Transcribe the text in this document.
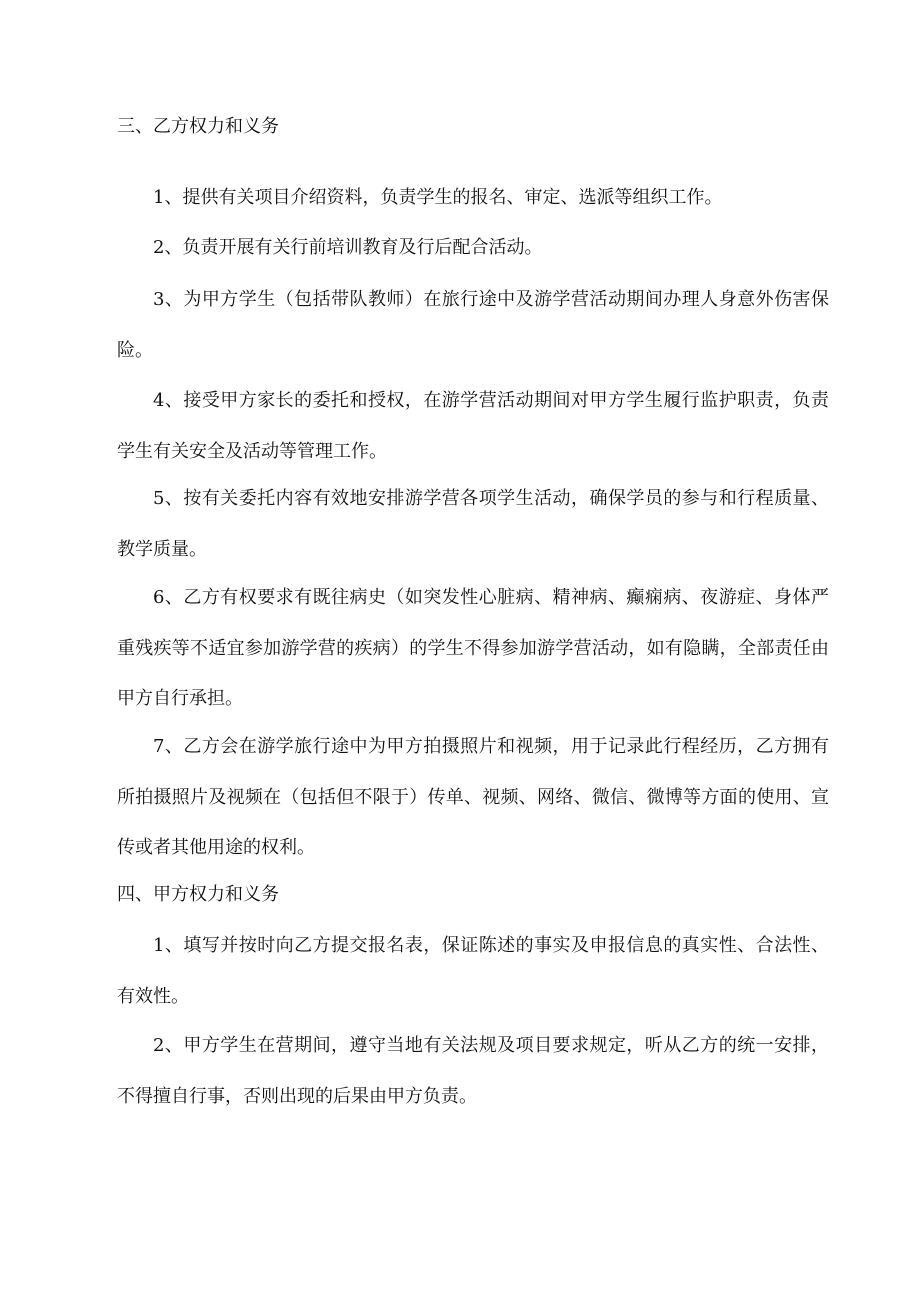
三、乙方权力和义务

1、提供有关项目介绍资料，负责学生的报名、审定、选派等组织工作。

2、负责开展有关行前培训教育及行后配合活动。

3、为甲方学生（包括带队教师）在旅行途中及游学营活动期间办理人身意外伤害保险。

4、接受甲方家长的委托和授权，在游学营活动期间对甲方学生履行监护职责，负责学生有关安全及活动等管理工作。

5、按有关委托内容有效地安排游学营各项学生活动，确保学员的参与和行程质量、教学质量。

6、乙方有权要求有既往病史（如突发性心脏病、精神病、癫痫病、夜游症、身体严重残疾等不适宜参加游学营的疾病）的学生不得参加游学营活动，如有隐瞒，全部责任由甲方自行承担。

7、乙方会在游学旅行途中为甲方拍摄照片和视频，用于记录此行程经历，乙方拥有所拍摄照片及视频在（包括但不限于）传单、视频、网络、微信、微博等方面的使用、宣传或者其他用途的权利。

四、甲方权力和义务

1、填写并按时向乙方提交报名表，保证陈述的事实及申报信息的真实性、合法性、有效性。

2、甲方学生在营期间，遵守当地有关法规及项目要求规定，听从乙方的统一安排，不得擅自行事，否则出现的后果由甲方负责。
